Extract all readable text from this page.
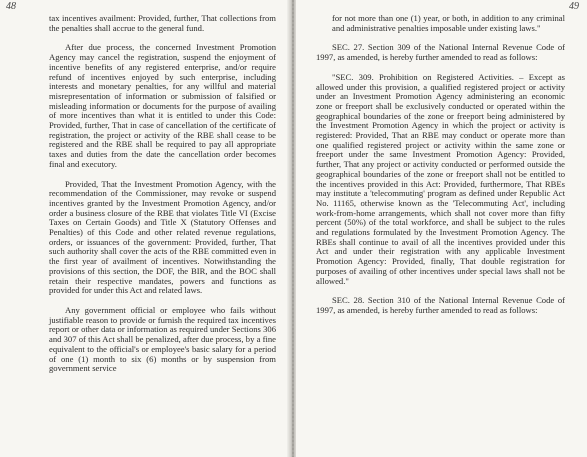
48

tax incentives availment: Provided, further, That collections from the penalties shall accrue to the general fund.

After due process, the concerned Investment Promotion Agency may cancel the registration, suspend the enjoyment of incentive benefits of any registered enterprise, and/or require refund of incentives enjoyed by such enterprise, including interests and monetary penalties, for any willful and material misrepresentation of information or submission of falsified or misleading information or documents for the purpose of availing of more incentives than what it is entitled to under this Code: Provided, further, That in case of cancellation of the certificate of registration, the project or activity of the RBE shall cease to be registered and the RBE shall be required to pay all appropriate taxes and duties from the date the cancellation order becomes final and executory.

Provided, That the Investment Promotion Agency, with the recommendation of the Commissioner, may revoke or suspend incentives granted by the Investment Promotion Agency, and/or order a business closure of the RBE that violates Title VI (Excise Taxes on Certain Goods) and Title X (Statutory Offenses and Penalties) of this Code and other related revenue regulations, orders, or issuances of the government: Provided, further, That such authority shall cover the acts of the RBE committed even in the first year of availment of incentives. Notwithstanding the provisions of this section, the DOF, the BIR, and the BOC shall retain their respective mandates, powers and functions as provided for under this Act and related laws.

Any government official or employee who fails without justifiable reason to provide or furnish the required tax incentives report or other data or information as required under Sections 306 and 307 of this Act shall be penalized, after due process, by a fine equivalent to the official's or employee's basic salary for a period of one (1) month to six (6) months or by suspension from government service

49

for not more than one (1) year, or both, in addition to any criminal and administrative penalties imposable under existing laws."

SEC. 27. Section 309 of the National Internal Revenue Code of 1997, as amended, is hereby further amended to read as follows:

"SEC. 309. Prohibition on Registered Activities. – Except as allowed under this provision, a qualified registered project or activity under an Investment Promotion Agency administering an economic zone or freeport shall be exclusively conducted or operated within the geographical boundaries of the zone or freeport being administered by the Investment Promotion Agency in which the project or activity is registered: Provided, That an RBE may conduct or operate more than one qualified registered project or activity within the same zone or freeport under the same Investment Promotion Agency: Provided, further, That any project or activity conducted or performed outside the geographical boundaries of the zone or freeport shall not be entitled to the incentives provided in this Act: Provided, furthermore, That RBEs may institute a 'telecommuting' program as defined under Republic Act No. 11165, otherwise known as the 'Telecommuting Act', including work-from-home arrangements, which shall not cover more than fifty percent (50%) of the total workforce, and shall be subject to the rules and regulations formulated by the Investment Promotion Agency. The RBEs shall continue to avail of all the incentives provided under this Act and under their registration with any applicable Investment Promotion Agency: Provided, finally, That double registration for purposes of availing of other incentives under special laws shall not be allowed."

SEC. 28. Section 310 of the National Internal Revenue Code of 1997, as amended, is hereby further amended to read as follows:
